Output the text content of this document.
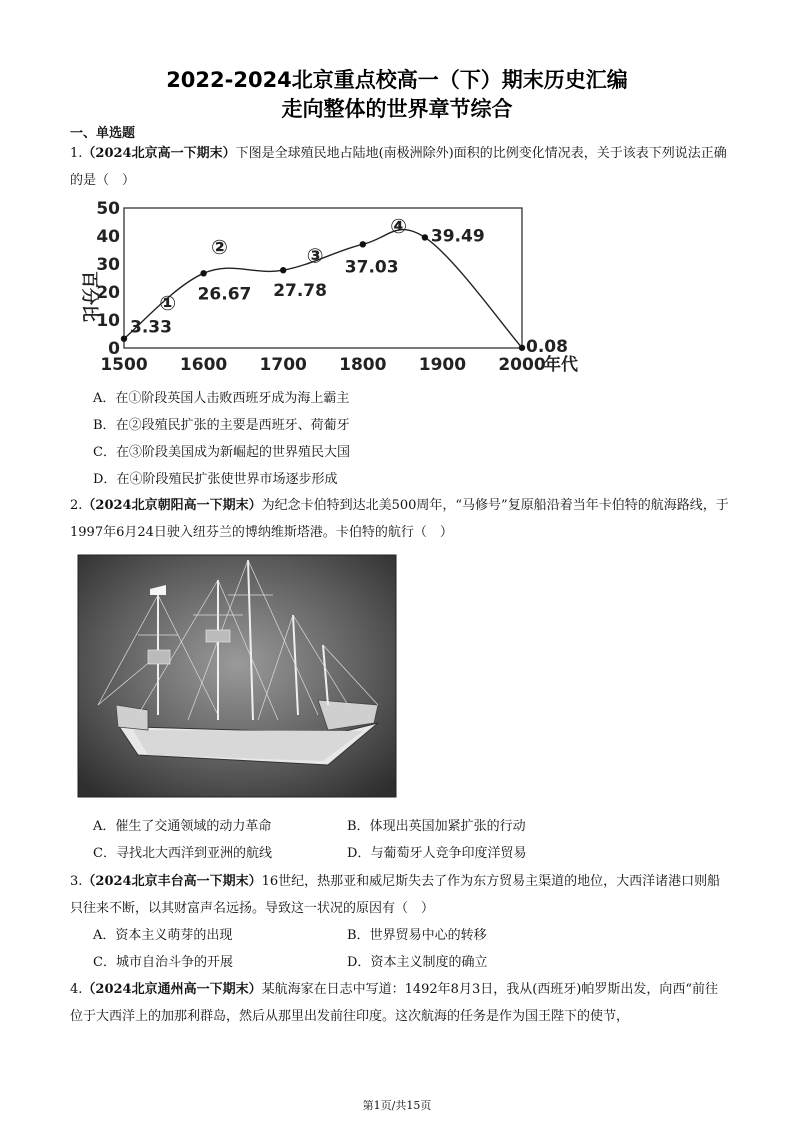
2022-2024北京重点校高一（下）期末历史汇编
走向整体的世界章节综合
一、单选题
1.（2024北京高一下期末）下图是全球殖民地占陆地(南极洲除外)面积的比例变化情况表，关于该表下列说法正确的是（　）
0
10
20
30
40
50
1500 1600 1700 1800 1900 2000
百分比
年代
3.33
26.67 27.78
37.03
39.49
0.08
①
②	③
④
A．在①阶段英国人击败西班牙成为海上霸主
B．在②段殖民扩张的主要是西班牙、荷葡牙
C．在③阶段美国成为新崛起的世界殖民大国
D．在④阶段殖民扩张使世界市场逐步形成
2.（2024北京朝阳高一下期末）为纪念卡伯特到达北美500周年，“马修号”复原船沿着当年卡伯特的航海路线，于1997年6月24日驶入纽芬兰的博纳维斯塔港。卡伯特的航行（　）
A．催生了交通领域的动力革命	B．体现出英国加紧扩张的行动
C．寻找北大西洋到亚洲的航线	D．与葡萄牙人竞争印度洋贸易
3.（2024北京丰台高一下期末）16世纪，热那亚和威尼斯失去了作为东方贸易主渠道的地位，大西洋诸港口则船只往来不断，以其财富声名远扬。导致这一状况的原因有（　）
A．资本主义萌芽的出现	B．世界贸易中心的转移
C．城市自治斗争的开展	D．资本主义制度的确立
4.（2024北京通州高一下期末）某航海家在日志中写道：1492年8月3日，我从(西班牙)帕罗斯出发，向西“前往位于大西洋上的加那利群岛，然后从那里出发前往印度。这次航海的任务是作为国王陛下的使节，
第1页/共15页
